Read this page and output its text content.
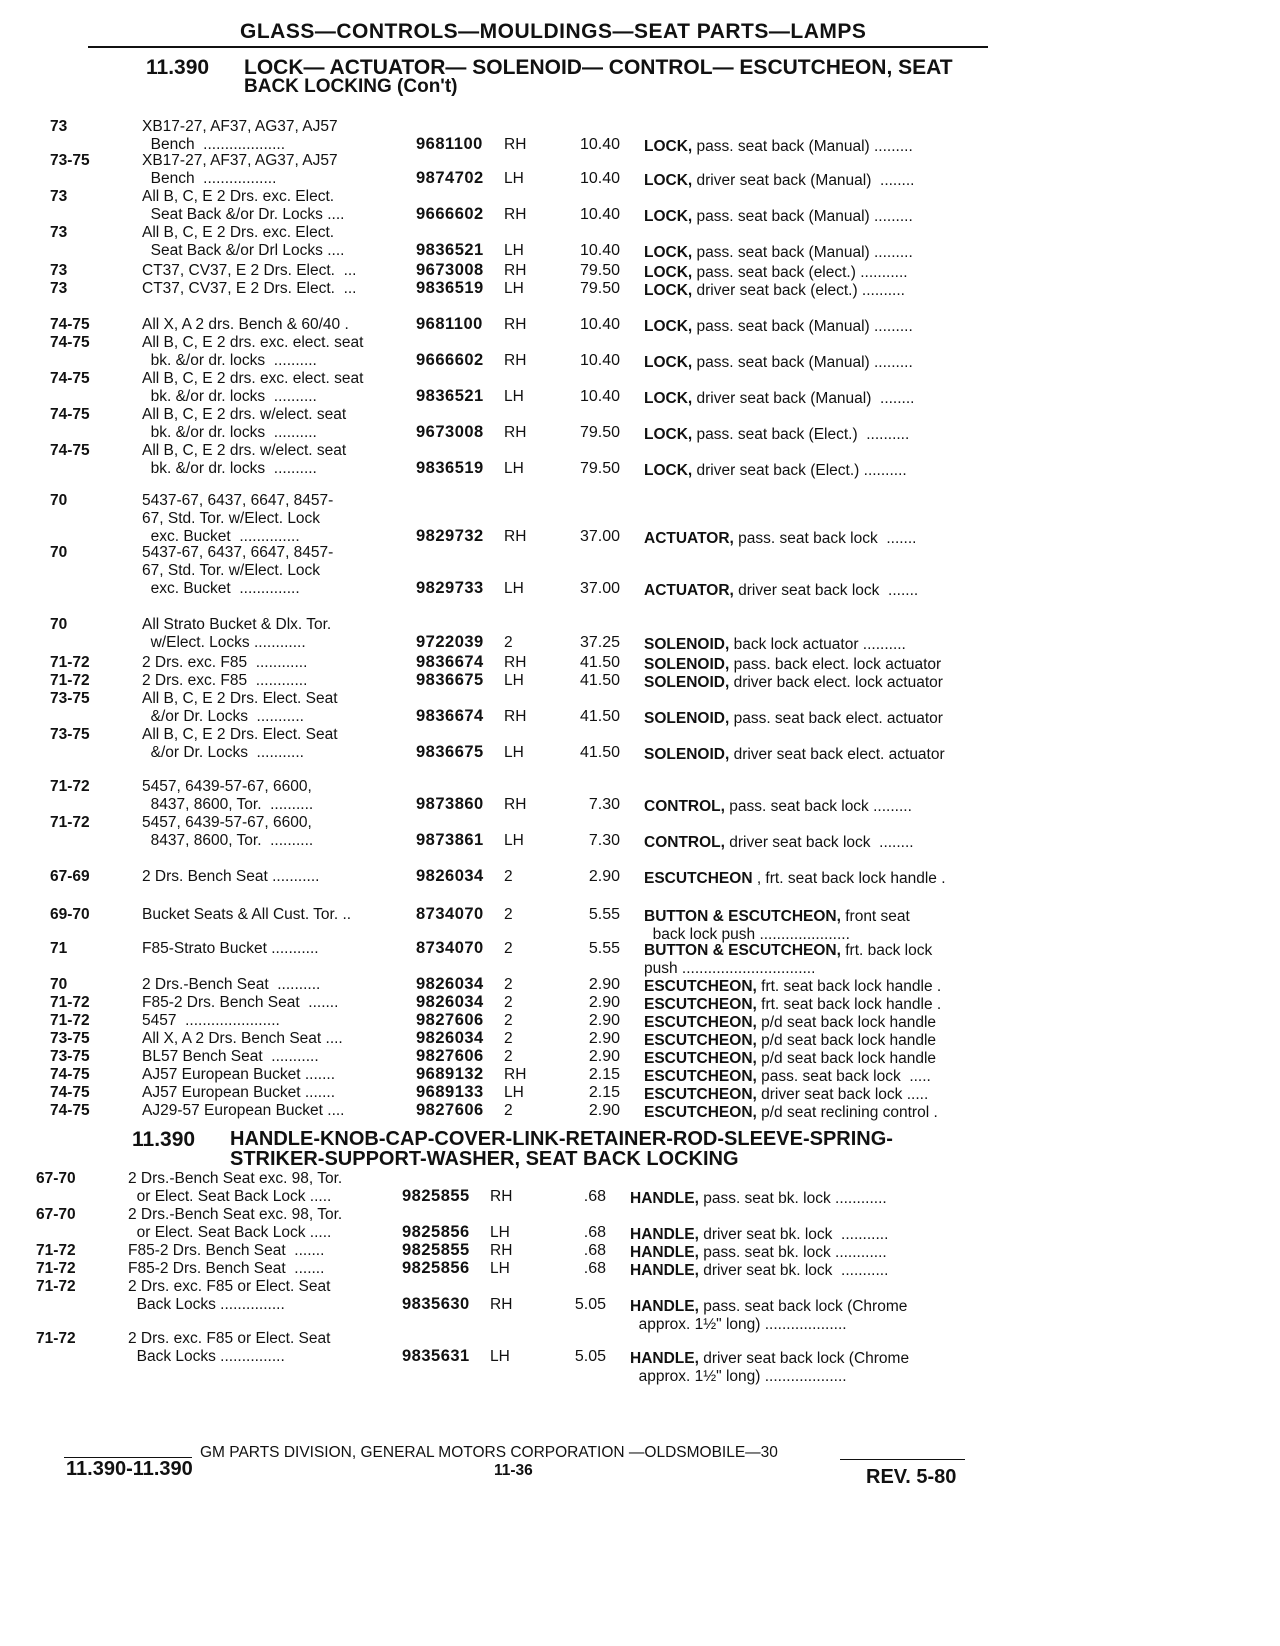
GLASS—CONTROLS—MOULDINGS—SEAT PARTS—LAMPS
11.390 LOCK— ACTUATOR— SOLENOID— CONTROL— ESCUTCHEON, SEAT
BACK LOCKING (Con't)
73	XB17-27, AF37, AG37, AJ57
Bench  ...................	9681100 RH	10.40 LOCK, pass. seat back (Manual) .........
73-75	XB17-27, AF37, AG37, AJ57
Bench  .................	9874702 LH	10.40 LOCK, driver seat back (Manual)  ........
73	All B, C, E 2 Drs. exc. Elect.
Seat Back &/or Dr. Locks ....	9666602 RH	10.40 LOCK, pass. seat back (Manual) .........
73	All B, C, E 2 Drs. exc. Elect.
Seat Back &/or Drl Locks ....	9836521 LH	10.40 LOCK, pass. seat back (Manual) .........
73	CT37, CV37, E 2 Drs. Elect.  ...	9673008 RH	79.50 LOCK, pass. seat back (elect.) ...........
73	CT37, CV37, E 2 Drs. Elect.  ...	9836519 LH	79.50 LOCK, driver seat back (elect.) ..........
74-75	All X, A 2 drs. Bench & 60/40 .	9681100 RH	10.40 LOCK, pass. seat back (Manual) .........
74-75	All B, C, E 2 drs. exc. elect. seat
bk. &/or dr. locks  ..........	9666602 RH	10.40 LOCK, pass. seat back (Manual) .........
74-75	All B, C, E 2 drs. exc. elect. seat
bk. &/or dr. locks  ..........	9836521 LH	10.40 LOCK, driver seat back (Manual)  ........
74-75	All B, C, E 2 drs. w/elect. seat
bk. &/or dr. locks  ..........	9673008 RH	79.50 LOCK, pass. seat back (Elect.)  ..........
74-75	All B, C, E 2 drs. w/elect. seat
bk. &/or dr. locks  ..........	9836519 LH	79.50 LOCK, driver seat back (Elect.) ..........
70	5437-67, 6437, 6647, 8457-
67, Std. Tor. w/Elect. Lock
exc. Bucket  ..............	9829732 RH	37.00 ACTUATOR, pass. seat back lock  .......
70	5437-67, 6437, 6647, 8457-
67, Std. Tor. w/Elect. Lock
exc. Bucket  ..............	9829733 LH	37.00 ACTUATOR, driver seat back lock  .......
70	All Strato Bucket & Dlx. Tor.
w/Elect. Locks ............	9722039 2	37.25 SOLENOID, back lock actuator ..........
71-72	2 Drs. exc. F85  ............	9836674 RH	41.50 SOLENOID, pass. back elect. lock actuator
71-72	2 Drs. exc. F85  ............	9836675 LH	41.50 SOLENOID, driver back elect. lock actuator
73-75	All B, C, E 2 Drs. Elect. Seat
&/or Dr. Locks  ...........	9836674 RH	41.50 SOLENOID, pass. seat back elect. actuator
73-75	All B, C, E 2 Drs. Elect. Seat
&/or Dr. Locks  ...........	9836675 LH	41.50 SOLENOID, driver seat back elect. actuator
71-72	5457, 6439-57-67, 6600,
8437, 8600, Tor.  ..........	9873860 RH	7.30 CONTROL, pass. seat back lock .........
71-72	5457, 6439-57-67, 6600,
8437, 8600, Tor.  ..........	9873861 LH	7.30 CONTROL, driver seat back lock  ........
67-69	2 Drs. Bench Seat ...........	9826034 2	2.90 ESCUTCHEON , frt. seat back lock handle .
69-70	Bucket Seats & All Cust. Tor. ..	8734070 2	5.55 BUTTON & ESCUTCHEON, front seat
back lock push .....................
71	F85-Strato Bucket ...........	8734070 2	5.55 BUTTON & ESCUTCHEON, frt. back lock
push ...............................
70	2 Drs.-Bench Seat  ..........	9826034 2	2.90 ESCUTCHEON, frt. seat back lock handle .
71-72	F85-2 Drs. Bench Seat  .......	9826034 2	2.90 ESCUTCHEON, frt. seat back lock handle .
71-72	5457  ......................	9827606 2	2.90 ESCUTCHEON, p/d seat back lock handle
73-75	All X, A 2 Drs. Bench Seat ....	9826034 2	2.90 ESCUTCHEON, p/d seat back lock handle
73-75	BL57 Bench Seat  ...........	9827606 2	2.90 ESCUTCHEON, p/d seat back lock handle
74-75	AJ57 European Bucket .......	9689132 RH	2.15 ESCUTCHEON, pass. seat back lock  .....
74-75	AJ57 European Bucket .......	9689133 LH	2.15 ESCUTCHEON, driver seat back lock .....
74-75	AJ29-57 European Bucket ....	9827606 2	2.90 ESCUTCHEON, p/d seat reclining control .
11.390 HANDLE-KNOB-CAP-COVER-LINK-RETAINER-ROD-SLEEVE-SPRING-
STRIKER-SUPPORT-WASHER, SEAT BACK LOCKING
67-70	2 Drs.-Bench Seat exc. 98, Tor.
or Elect. Seat Back Lock .....	9825855 RH	.68 HANDLE, pass. seat bk. lock ............
67-70	2 Drs.-Bench Seat exc. 98, Tor.
or Elect. Seat Back Lock .....	9825856 LH	.68 HANDLE, driver seat bk. lock  ...........
71-72	F85-2 Drs. Bench Seat  .......	9825855 RH	.68 HANDLE, pass. seat bk. lock ............
71-72	F85-2 Drs. Bench Seat  .......	9825856 LH	.68 HANDLE, driver seat bk. lock  ...........
71-72	2 Drs. exc. F85 or Elect. Seat
Back Locks ...............	9835630 RH	5.05 HANDLE, pass. seat back lock (Chrome
approx. 1½" long) ...................
71-72	2 Drs. exc. F85 or Elect. Seat
Back Locks ...............	9835631 LH	5.05 HANDLE, driver seat back lock (Chrome
approx. 1½" long) ...................
GM PARTS DIVISION, GENERAL MOTORS CORPORATION —OLDSMOBILE—30
11.390-11.390	11-36	REV. 5-80
